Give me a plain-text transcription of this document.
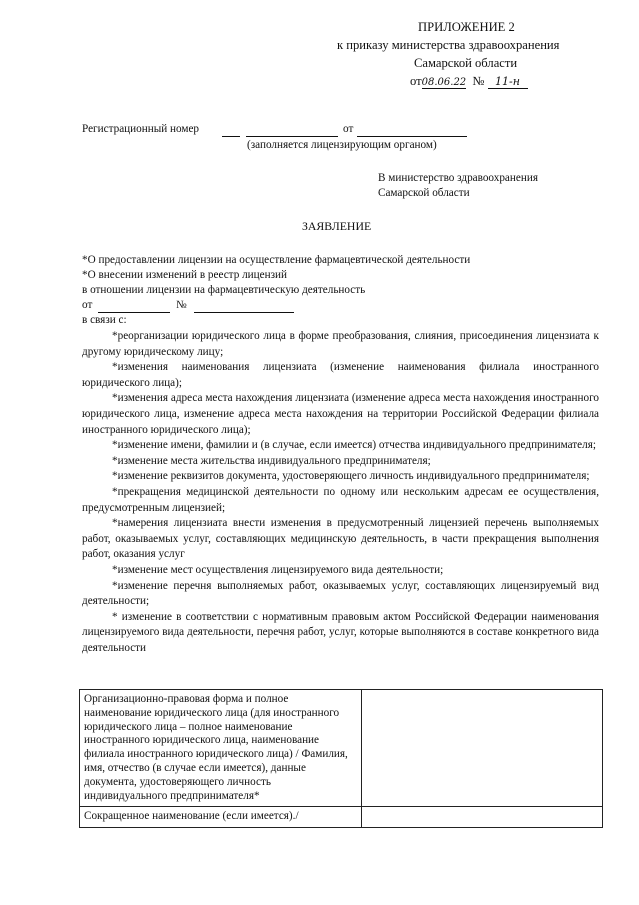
ПРИЛОЖЕНИЕ 2
к приказу министерства здравоохранения
Самарской области
от08.06.22 № 11-н
Регистрационный номер	от
(заполняется лицензирующим органом)
В министерство здравоохранения
Самарской области
ЗАЯВЛЕНИЕ
*О предоставлении лицензии на осуществление фармацевтической деятельности
*О внесении изменений в реестр лицензий
в отношении лицензии на фармацевтическую деятельность
от	№
в связи с:

*реорганизации юридического лица в форме преобразования, слияния, присоединения лицензиата к другому юридическому лицу;

*изменения наименования лицензиата (изменение наименования филиала иностранного юридического лица);

*изменения адреса места нахождения лицензиата (изменение адреса места нахождения иностранного юридического лица, изменение адреса места нахождения на территории Российской Федерации филиала иностранного юридического лица);

*изменение имени, фамилии и (в случае, если имеется) отчества индивидуального предпринимателя;

*изменение места жительства индивидуального предпринимателя;

*изменение реквизитов документа, удостоверяющего личность индивидуального предпринимателя;

*прекращения медицинской деятельности по одному или нескольким адресам ее осуществления, предусмотренным лицензией;

*намерения лицензиата внести изменения в предусмотренный лицензией перечень выполняемых работ, оказываемых услуг, составляющих медицинскую деятельность, в части прекращения выполнения работ, оказания услуг

*изменение мест осуществления лицензируемого вида деятельности;

*изменение перечня выполняемых работ, оказываемых услуг, составляющих лицензируемый вид деятельности;

* изменение в соответствии с нормативным правовым актом Российской Федерации наименования лицензируемого вида деятельности, перечня работ, услуг, которые выполняются в составе конкретного вида деятельности

Организационно-правовая форма и полное наименование юридического лица (для иностранного юридического лица – полное наименование иностранного юридического лица, наименование филиала иностранного юридического лица) / Фамилия, имя, отчество (в случае если имеется), данные документа, удостоверяющего личность индивидуального предпринимателя*	
Сокращенное наименование (если имеется)./	
